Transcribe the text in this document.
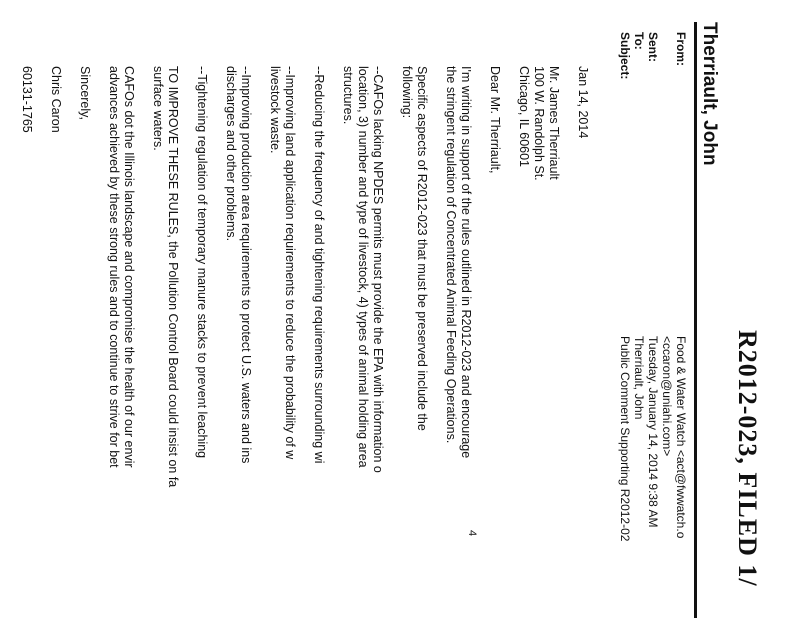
R2012-023, FILED 1/
Therriault, John
From:
Food & Water Watch <act@fwwatch.o
<ccaron@uniahi.com>
Sent:
Tuesday, January 14, 2014 9:38 AM
To:
Therriault, John
Subject:
Public Comment Supporting R2012-02
Jan 14, 2014
Mr. James Therriault
100 W. Randolph St.
Chicago, IL 60601
Dear Mr. Therriault,
I'm writing in support of the rules outlined in R2012-023 and encourage
the stringent regulation of Concentrated Animal Feeding Operations.
Specific aspects of R2012-023 that must be preserved include the
following:
--CAFOs lacking NPDES permits must provide the EPA with information o
location, 3) number and type of livestock, 4) types of animal holding area
structures.
--Reducing the frequency of and tightening requirements surrounding wi
--Improving land application requirements to reduce the probability of w
livestock waste.
--Improving production area requirements to protect U.S. waters and ins
discharges and other problems.
--Tightening regulation of temporary manure stacks to prevent leaching
TO IMPROVE THESE RULES, the Pollution Control Board could insist on fa
surface waters.
CAFOs dot the Illinois landscape and compromise the health of our envir
advances achieved by these strong rules and to continue to strive for bet
Sincerely,
Chris Caron
60131-1765
4
